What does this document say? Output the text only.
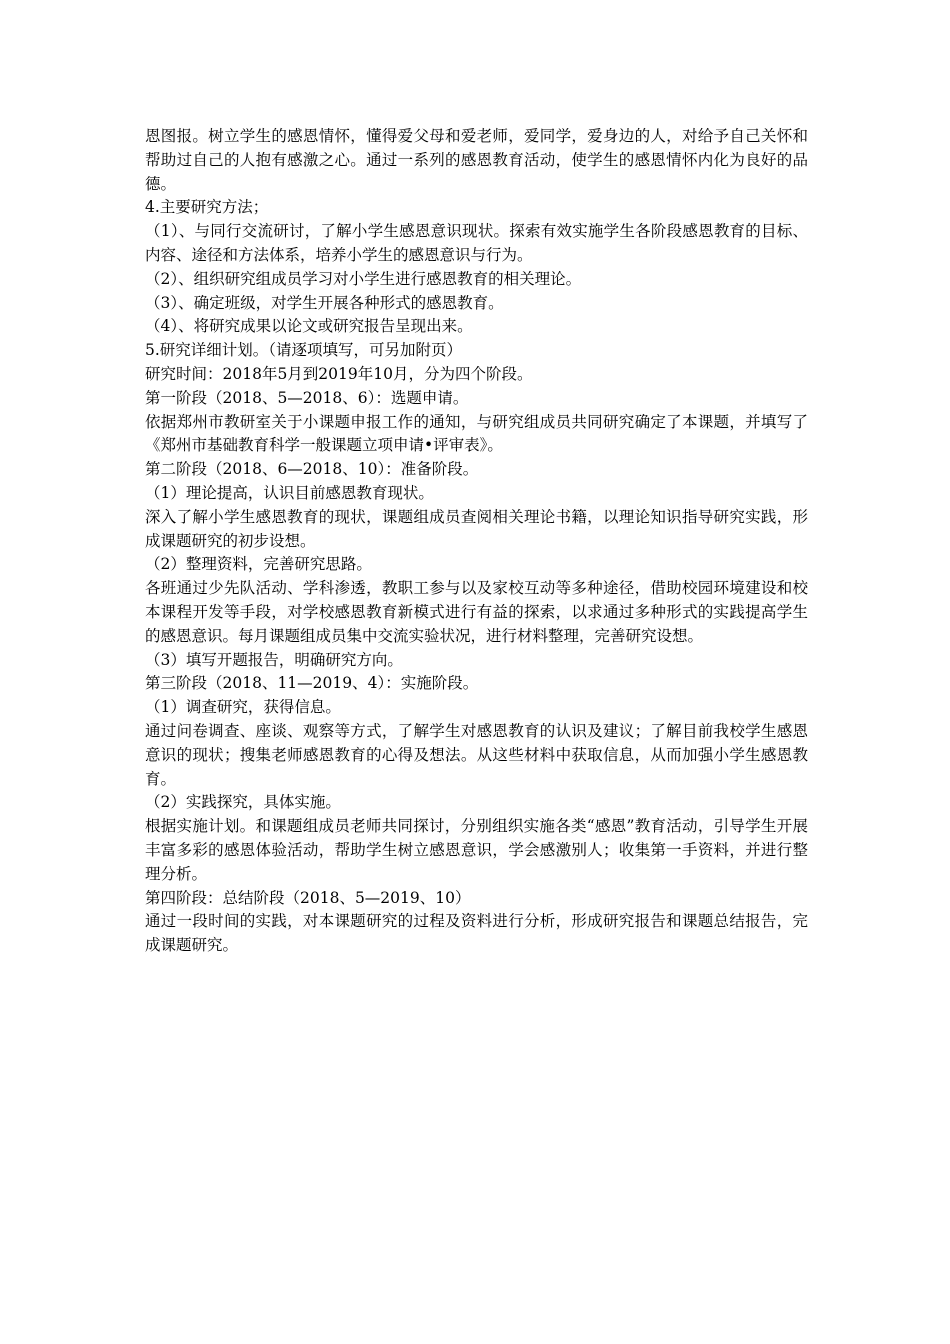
恩图报。树立学生的感恩情怀，懂得爱父母和爱老师，爱同学，爱身边的人，对给予自己关怀和帮助过自己的人抱有感激之心。通过一系列的感恩教育活动，使学生的感恩情怀内化为良好的品德。

4.主要研究方法；

（1）、与同行交流研讨，了解小学生感恩意识现状。探索有效实施学生各阶段感恩教育的目标、内容、途径和方法体系，培养小学生的感恩意识与行为。

（2）、组织研究组成员学习对小学生进行感恩教育的相关理论。

（3）、确定班级，对学生开展各种形式的感恩教育。

（4）、将研究成果以论文或研究报告呈现出来。

5.研究详细计划。（请逐项填写，可另加附页）

研究时间：2018年5月到2019年10月，分为四个阶段。

第一阶段（2018、5—2018、6）：选题申请。

依据郑州市教研室关于小课题申报工作的通知，与研究组成员共同研究确定了本课题，并填写了《郑州市基础教育科学一般课题立项申请•评审表》。

第二阶段（2018、6—2018、10）：准备阶段。

（1）理论提高，认识目前感恩教育现状。

深入了解小学生感恩教育的现状，课题组成员查阅相关理论书籍，以理论知识指导研究实践，形成课题研究的初步设想。

（2）整理资料，完善研究思路。

各班通过少先队活动、学科渗透，教职工参与以及家校互动等多种途径，借助校园环境建设和校本课程开发等手段，对学校感恩教育新模式进行有益的探索，以求通过多种形式的实践提高学生的感恩意识。每月课题组成员集中交流实验状况，进行材料整理，完善研究设想。

（3）填写开题报告，明确研究方向。

第三阶段（2018、11—2019、4）：实施阶段。

（1）调查研究，获得信息。

通过问卷调查、座谈、观察等方式，了解学生对感恩教育的认识及建议；了解目前我校学生感恩意识的现状；搜集老师感恩教育的心得及想法。从这些材料中获取信息，从而加强小学生感恩教育。

（2）实践探究，具体实施。

根据实施计划。和课题组成员老师共同探讨，分别组织实施各类“感恩”教育活动，引导学生开展丰富多彩的感恩体验活动，帮助学生树立感恩意识，学会感激别人；收集第一手资料，并进行整理分析。

第四阶段：总结阶段（2018、5—2019、10）

通过一段时间的实践，对本课题研究的过程及资料进行分析，形成研究报告和课题总结报告，完成课题研究。
